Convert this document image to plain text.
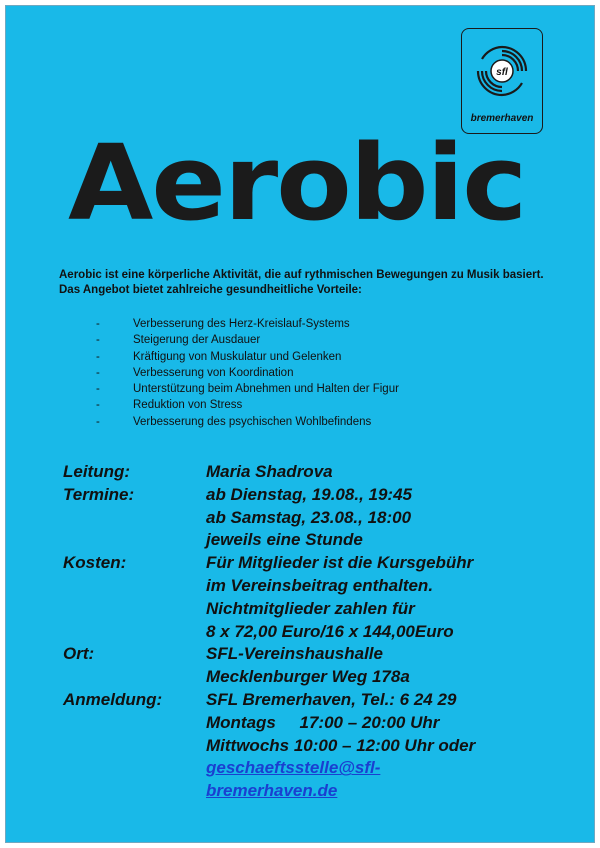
sfl
bremerhaven
Aerobic
Aerobic ist eine körperliche Aktivität, die auf rythmischen Bewegungen zu Musik basiert. Das Angebot bietet zahlreiche gesundheitliche Vorteile:
-	Verbesserung des Herz-Kreislauf-Systems
-	Steigerung der Ausdauer
-	Kräftigung von Muskulatur und Gelenken
-	Verbesserung von Koordination
-	Unterstützung beim Abnehmen und Halten der Figur
-	Reduktion von Stress
-	Verbesserung des psychischen Wohlbefindens
Leitung:	Maria Shadrova
Termine:	ab Dienstag, 19.08., 19:45
ab Samstag, 23.08., 18:00
jeweils eine Stunde
Kosten:	Für Mitglieder ist die Kursgebühr
im Vereinsbeitrag enthalten.
Nichtmitglieder zahlen für
8 x 72,00 Euro/16 x 144,00Euro
Ort:	SFL-Vereinshaushalle
Mecklenburger Weg 178a
Anmeldung:	SFL Bremerhaven, Tel.: 6 24 29
Montags     17:00 – 20:00 Uhr
Mittwochs 10:00 – 12:00 Uhr oder
geschaeftsstelle@sfl-
bremerhaven.de
